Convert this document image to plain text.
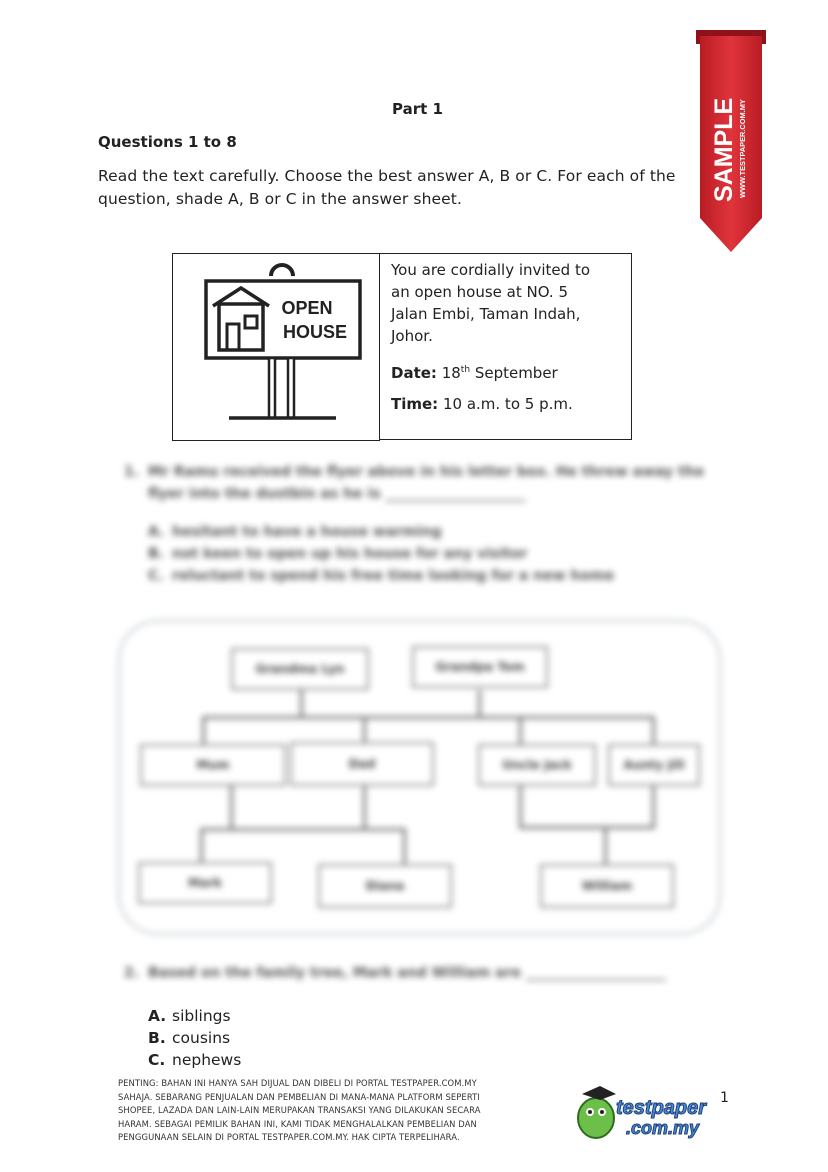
Part 1
Questions 1 to 8
Read the text carefully. Choose the best answer A, B or C. For each of the
question, shade A, B or C in the answer sheet.	SAMPLE WWW.TESTPAPER.COM.MY
OPEN
HOUSE
You are cordially invited to
an open house at NO. 5
Jalan Embi, Taman Indah,
Johor.
Date: 18th September
Time: 10 a.m. to 5 p.m.
1. Mr Ramu received the flyer above in his letter box. He threw away the
flyer into the dustbin as he is ____________________
A. hesitant to have a house warming
B. not keen to open up his house for any visitor
C. reluctant to spend his free time looking for a new home
Grandma Lyn	Grandpa Tom
Mum	Dad	Uncle Jack	Aunty Jill
Mark	Diana	William
2. Based on the family tree, Mark and William are ____________________
A. siblings
B. cousins
C. nephews
PENTING: BAHAN INI HANYA SAH DIJUAL DAN DIBELI DI PORTAL TESTPAPER.COM.MY
SAHAJA. SEBARANG PENJUALAN DAN PEMBELIAN DI MANA-MANA PLATFORM SEPERTI
SHOPEE, LAZADA DAN LAIN-LAIN MERUPAKAN TRANSAKSI YANG DILAKUKAN SECARA
HARAM. SEBAGAI PEMILIK BAHAN INI, KAMI TIDAK MENGHALALKAN PEMBELIAN DAN
PENGGUNAAN SELAIN DI PORTAL TESTPAPER.COM.MY. HAK CIPTA TERPELIHARA.
testpaper
.com.my
1
